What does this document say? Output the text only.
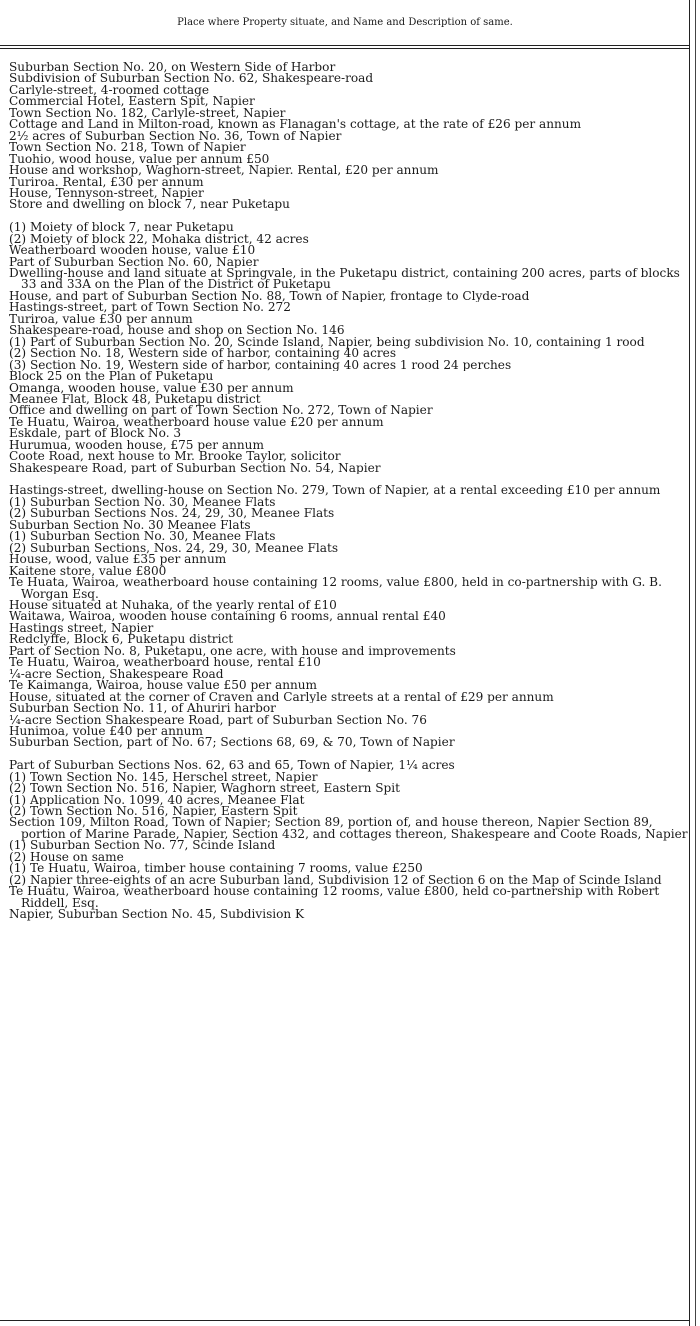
Place where Property situate, and Name and Description of same.
Suburban Section No. 20, on Western Side of Harbor
Subdivision of Suburban Section No. 62, Shakespeare-road
Carlyle-street, 4-roomed cottage
Commercial Hotel, Eastern Spit, Napier
Town Section No. 182, Carlyle-street, Napier
Cottage and Land in Milton-road, known as Flanagan's cottage, at the rate of £26 per annum
2½ acres of Suburban Section No. 36, Town of Napier
Town Section No. 218, Town of Napier
Tuohio, wood house, value per annum £50
House and workshop, Waghorn-street, Napier. Rental, £20 per annum
Turiroa. Rental, £30 per annum
House, Tennyson-street, Napier
Store and dwelling on block 7, near Puketapu
(1) Moiety of block 7, near Puketapu
(2) Moiety of block 22, Mohaka district, 42 acres
Weatherboard wooden house, value £10
Part of Suburban Section No. 60, Napier
Dwelling-house and land situate at Springvale, in the Puketapu district, containing 200 acres, parts of blocks 33 and 33A on the Plan of the District of Puketapu
House, and part of Suburban Section No. 88, Town of Napier, frontage to Clyde-road
Hastings-street, part of Town Section No. 272
Turiroa, value £30 per annum
Shakespeare-road, house and shop on Section No. 146
(1) Part of Suburban Section No. 20, Scinde Island, Napier, being subdivision No. 10, containing 1 rood
(2) Section No. 18, Western side of harbor, containing 40 acres
(3) Section No. 19, Western side of harbor, containing 40 acres 1 rood 24 perches
Block 25 on the Plan of Puketapu
Omanga, wooden house, value £30 per annum
Meanee Flat, Block 48, Puketapu district
Office and dwelling on part of Town Section No. 272, Town of Napier
Te Huatu, Wairoa, weatherboard house value £20 per annum
Eskdale, part of Block No. 3
Hurumua, wooden house, £75 per annum
Coote Road, next house to Mr. Brooke Taylor, solicitor
Shakespeare Road, part of Suburban Section No. 54, Napier
Hastings-street, dwelling-house on Section No. 279, Town of Napier, at a rental exceeding £10 per annum
(1) Suburban Section No. 30, Meanee Flats
(2) Suburban Sections Nos. 24, 29, 30, Meanee Flats
Suburban Section No. 30 Meanee Flats
(1) Suburban Section No. 30, Meanee Flats
(2) Suburban Sections, Nos. 24, 29, 30, Meanee Flats
House, wood, value £35 per annum
Kaitene store, value £800
Te Huata, Wairoa, weatherboard house containing 12 rooms, value £800, held in co-partnership with G. B. Worgan Esq.
House situated at Nuhaka, of the yearly rental of £10
Waitawa, Wairoa, wooden house containing 6 rooms, annual rental £40
Hastings street, Napier
Redclyffe, Block 6, Puketapu district
Part of Section No. 8, Puketapu, one acre, with house and improvements
Te Huatu, Wairoa, weatherboard house, rental £10
¼-acre Section, Shakespeare Road
Te Kaimanga, Wairoa, house value £50 per annum
House, situated at the corner of Craven and Carlyle streets at a rental of £29 per annum
Suburban Section No. 11, of Ahuriri harbor
¼-acre Section Shakespeare Road, part of Suburban Section No. 76
Hunimoa, volue £40 per annum
Suburban Section, part of No. 67; Sections 68, 69, & 70, Town of Napier
Part of Suburban Sections Nos. 62, 63 and 65, Town of Napier, 1¼ acres
(1) Town Section No. 145, Herschel street, Napier
(2) Town Section No. 516, Napier, Waghorn street, Eastern Spit
(1) Application No. 1099, 40 acres, Meanee Flat
(2) Town Section No. 516, Napier, Eastern Spit
Section 109, Milton Road, Town of Napier; Section 89, portion of, and house thereon, Napier Section 89, portion of Marine Parade, Napier, Section 432, and cottages thereon, Shakespeare and Coote Roads, Napier
(1) Suburban Section No. 77, Scinde Island
(2) House on same
(1) Te Huatu, Wairoa, timber house containing 7 rooms, value £250
(2) Napier three-eights of an acre Suburban land, Subdivision 12 of Section 6 on the Map of Scinde Island
Te Huatu, Wairoa, weatherboard house containing 12 rooms, value £800, held co-partnership with Robert Riddell, Esq.
Napier, Suburban Section No. 45, Subdivision K
